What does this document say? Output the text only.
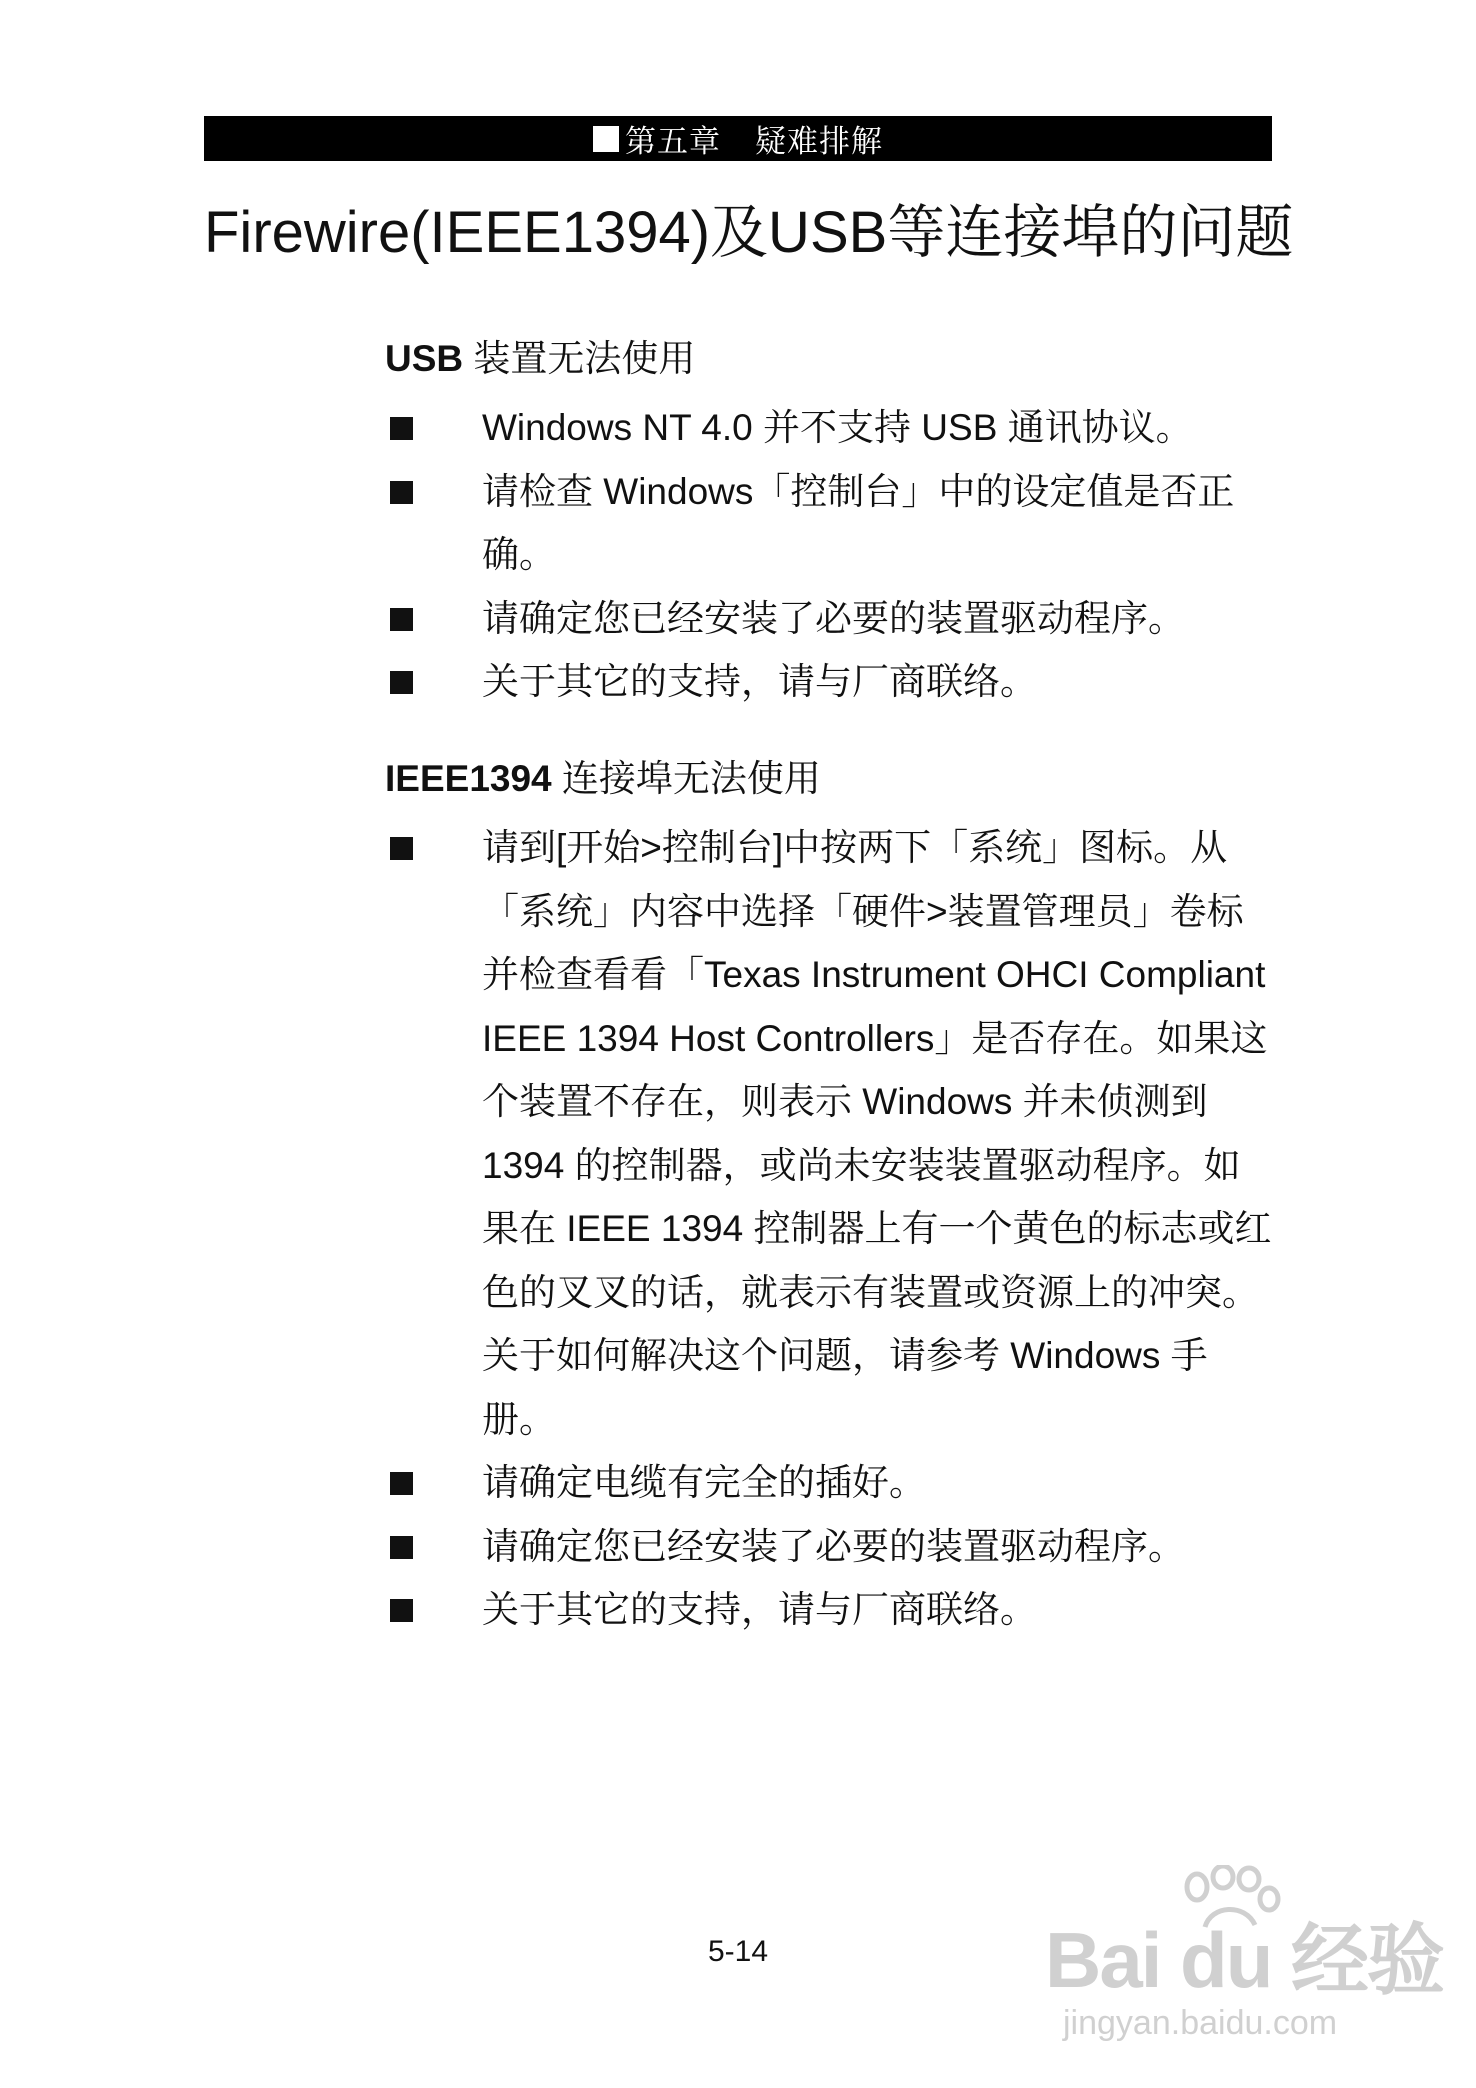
第五章 疑难排解
Firewire(IEEE1394)及USB等连接埠的问题
USB 装置无法使用
Windows NT 4.0 并不支持 USB 通讯协议。
请检查 Windows「控制台」中的设定值是否正确。
请确定您已经安装了必要的装置驱动程序。
关于其它的支持，请与厂商联络。
IEEE1394 连接埠无法使用
请到[开始>控制台]中按两下「系统」图标。从「系统」内容中选择「硬件>装置管理员」卷标并检查看看「Texas Instrument OHCI Compliant IEEE 1394 Host Controllers」是否存在。如果这个装置不存在，则表示 Windows 并未侦测到 1394 的控制器，或尚未安装装置驱动程序。如果在 IEEE 1394 控制器上有一个黄色的标志或红色的叉叉的话，就表示有装置或资源上的冲突。关于如何解决这个问题，请参考 Windows 手册。
请确定电缆有完全的插好。
请确定您已经安装了必要的装置驱动程序。
关于其它的支持，请与厂商联络。
5-14	Bai du 经验
jingyan.baidu.com
